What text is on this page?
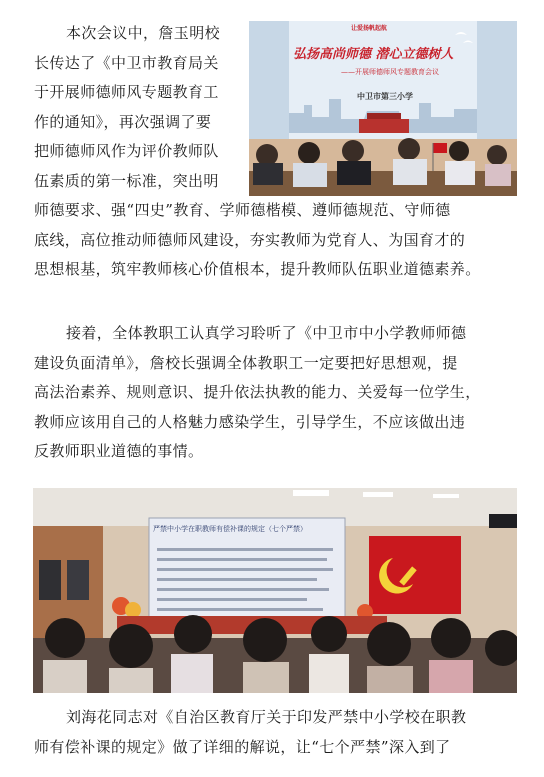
本次会议中，詹玉明校
长传达了《中卫市教育局关
于开展师德师风专题教育工
作的通知》，再次强调了要
把师德师风作为评价教师队
伍素质的第一标准，突出明
师德要求、强“四史”教育、学师德楷模、遵师德规范、守师德
底线，高位推动师德师风建设，夯实教师为党育人、为国育才的
思想根基，筑牢教师核心价值根本，提升教师队伍职业道德素养。
让爱扬帆起航
弘扬高尚师德 潜心立德树人
——开展师德师风专题教育会议
中卫市第三小学
接着，全体教职工认真学习聆听了《中卫市中小学教师师德
建设负面清单》，詹校长强调全体教职工一定要把好思想观，提
高法治素养、规则意识、提升依法执教的能力、关爱每一位学生，
教师应该用自己的人格魅力感染学生，引导学生，不应该做出违
反教师职业道德的事情。
严禁中小学在职教师有偿补课的规定（七个严禁）
刘海花同志对《自治区教育厅关于印发严禁中小学校在职教
师有偿补课的规定》做了详细的解说，让“七个严禁”深入到了
